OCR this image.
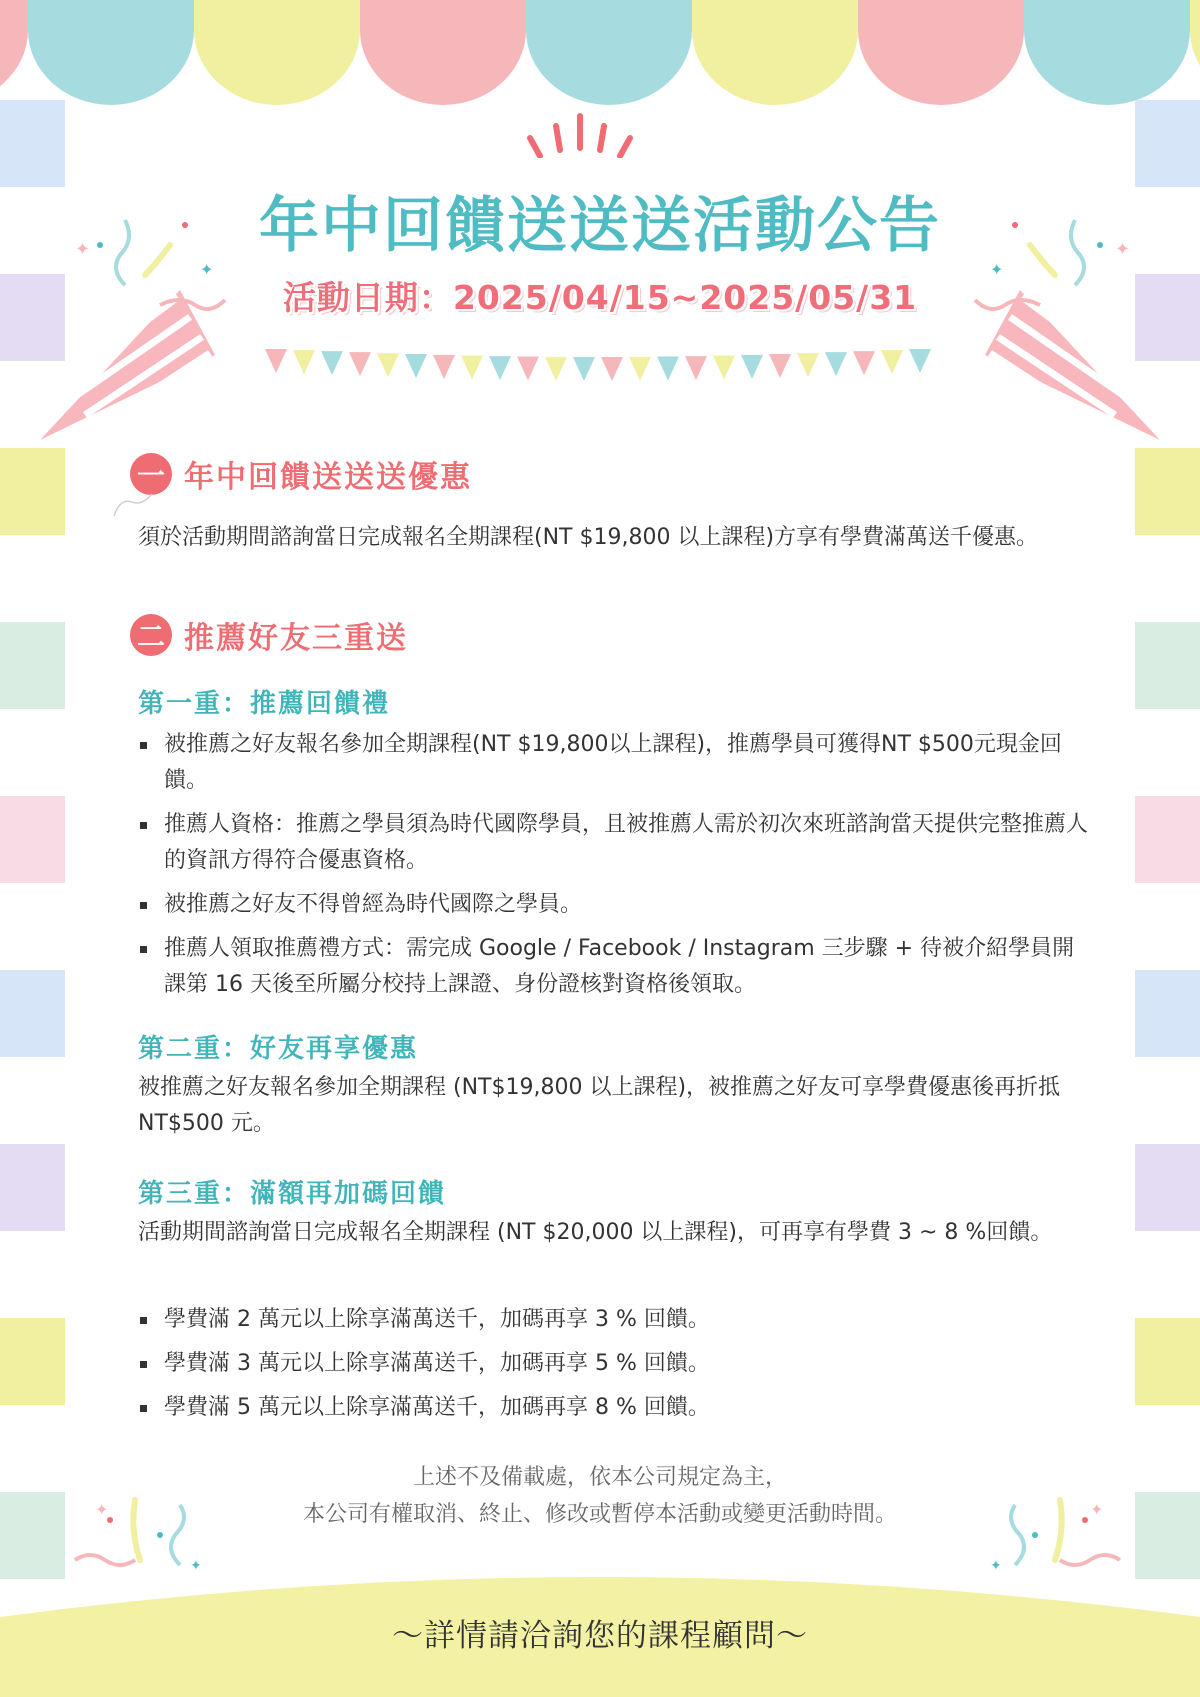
✦
✦
✦
✦
年中回饋送送送活動公告
活動日期：2025/04/15~2025/05/31
一 年中回饋送送送優惠
須於活動期間諮詢當日完成報名全期課程(NT $19,800 以上課程)方享有學費滿萬送千優惠。
二 推薦好友三重送
第一重：推薦回饋禮
被推薦之好友報名參加全期課程(NT $19,800以上課程)，推薦學員可獲得NT $500元現金回饋。
推薦人資格：推薦之學員須為時代國際學員，且被推薦人需於初次來班諮詢當天提供完整推薦人的資訊方得符合優惠資格。
被推薦之好友不得曾經為時代國際之學員。
推薦人領取推薦禮方式：需完成 Google / Facebook / Instagram 三步驟 + 待被介紹學員開課第 16 天後至所屬分校持上課證、身份證核對資格後領取。
第二重：好友再享優惠
被推薦之好友報名參加全期課程 (NT$19,800 以上課程)，被推薦之好友可享學費優惠後再折抵 NT$500 元。
第三重：滿額再加碼回饋
活動期間諮詢當日完成報名全期課程 (NT $20,000 以上課程)，可再享有學費 3 ~ 8 %回饋。
學費滿 2 萬元以上除享滿萬送千，加碼再享 3 % 回饋。
學費滿 3 萬元以上除享滿萬送千，加碼再享 5 % 回饋。
學費滿 5 萬元以上除享滿萬送千，加碼再享 8 % 回饋。
上述不及備載處，依本公司規定為主，
本公司有權取消、終止、修改或暫停本活動或變更活動時間。
✦
✦
✦
✦
～詳情請洽詢您的課程顧問～
